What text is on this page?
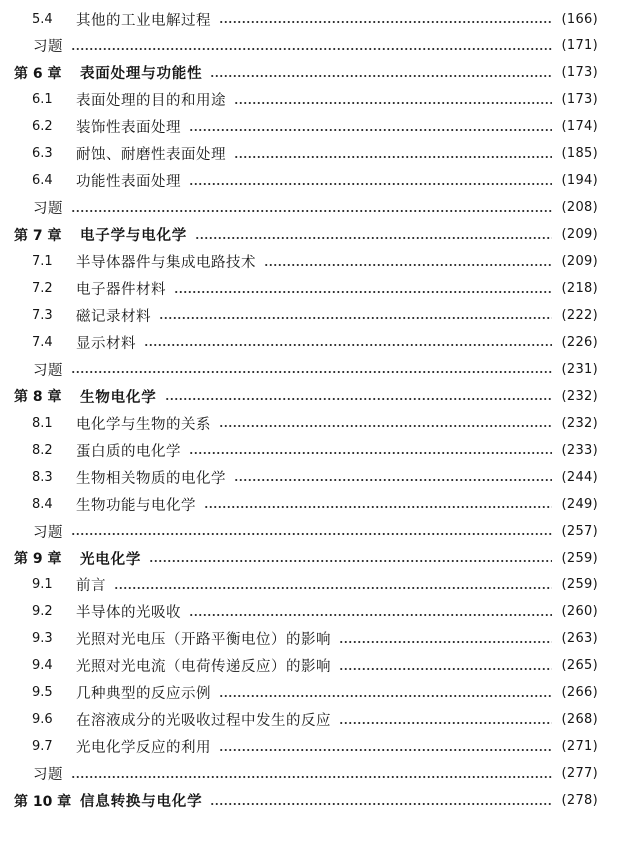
5.4	其他的工业电解过程	(166)
习题	(171)
第 6 章	表面处理与功能性	(173)
6.1	表面处理的目的和用途	(173)
6.2	装饰性表面处理	(174)
6.3	耐蚀、耐磨性表面处理	(185)
6.4	功能性表面处理	(194)
习题	(208)
第 7 章	电子学与电化学	(209)
7.1	半导体器件与集成电路技术	(209)
7.2	电子器件材料	(218)
7.3	磁记录材料	(222)
7.4	显示材料	(226)
习题	(231)
第 8 章	生物电化学	(232)
8.1	电化学与生物的关系	(232)
8.2	蛋白质的电化学	(233)
8.3	生物相关物质的电化学	(244)
8.4	生物功能与电化学	(249)
习题	(257)
第 9 章	光电化学	(259)
9.1	前言	(259)
9.2	半导体的光吸收	(260)
9.3	光照对光电压（开路平衡电位）的影响	(263)
9.4	光照对光电流（电荷传递反应）的影响	(265)
9.5	几种典型的反应示例	(266)
9.6	在溶液成分的光吸收过程中发生的反应	(268)
9.7	光电化学反应的利用	(271)
习题	(277)
第 10 章 信息转换与电化学	(278)
